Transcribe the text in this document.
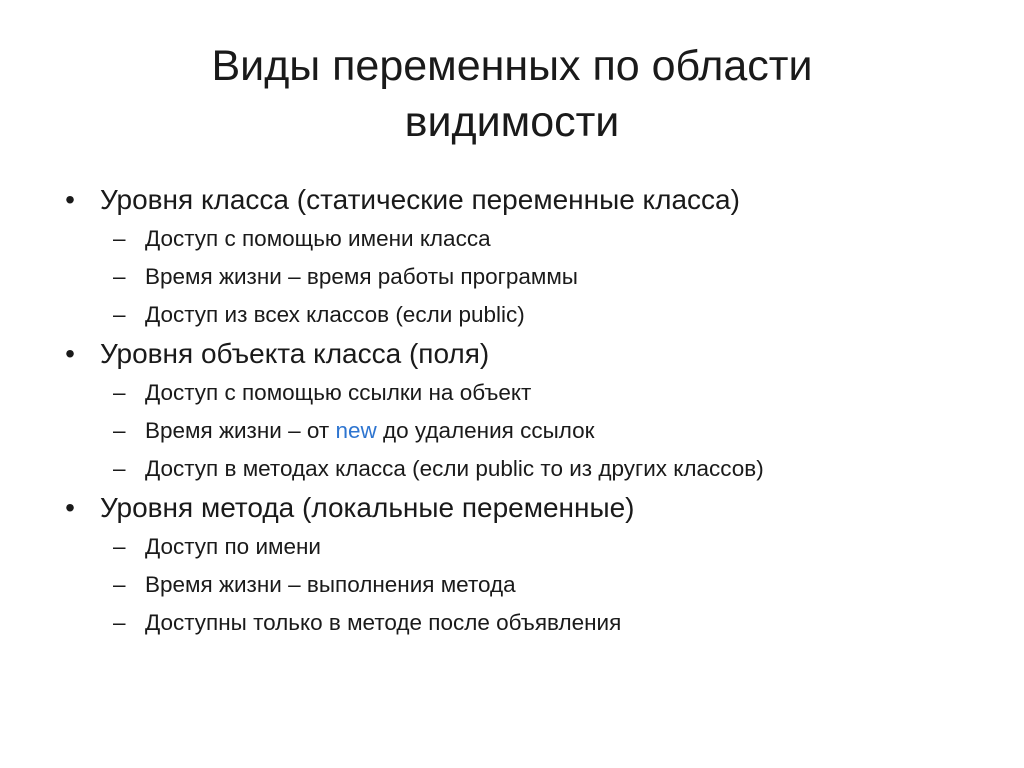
Виды переменных по области
видимости
• Уровня класса (статические переменные класса)
– Доступ с помощью имени класса
– Время жизни – время работы программы
– Доступ из всех классов (если public)
• Уровня объекта класса (поля)
– Доступ с помощью ссылки на объект
– Время жизни – от new до удаления ссылок
– Доступ в методах класса (если public то из других классов)
• Уровня метода (локальные переменные)
– Доступ по имени
– Время жизни – выполнения метода
– Доступны только в методе после объявления
